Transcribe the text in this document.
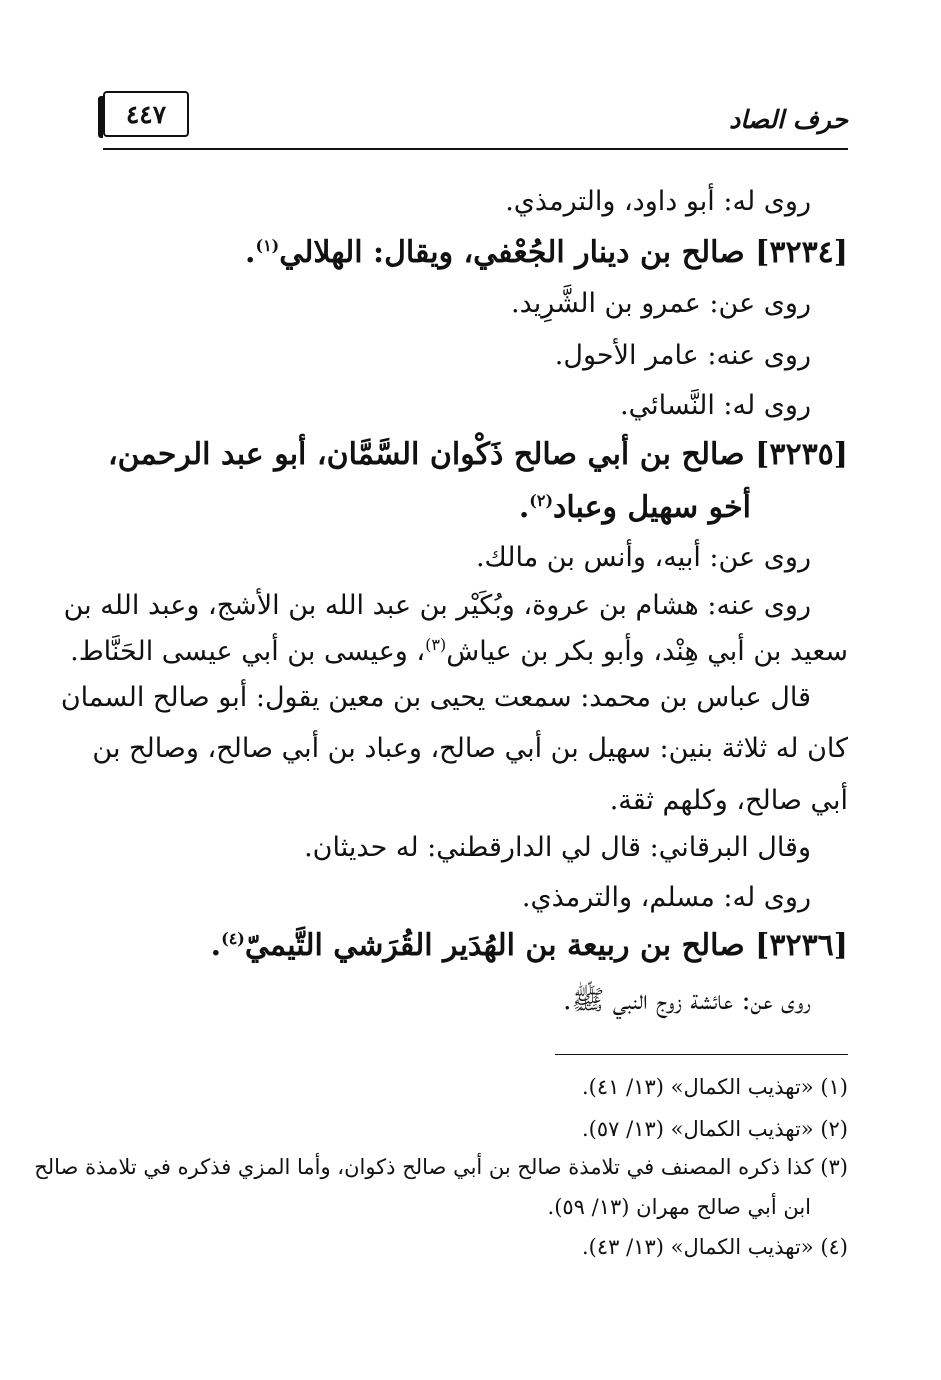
٤٤٧	حرف الصاد
روى له: أبو داود، والترمذي.
[٣٢٣٤] صالح بن دينار الجُعْفي، ويقال: الهلالي$^{(١)}$.
روى عن: عمرو بن الشَّرِيد.
روى عنه: عامر الأحول.
روى له: النَّسائي.
[٣٢٣٥] صالح بن أبي صالح ذَكْوان السَّمَّان، أبو عبد الرحمن،
أخو سهيل وعباد$^{(٢)}$.
روى عن: أبيه، وأنس بن مالك.
روى عنه: هشام بن عروة، وبُكَيْر بن عبد الله بن الأشج، وعبد الله بن
سعيد بن أبي هِنْد، وأبو بكر بن عياش$^{(٣)}$، وعيسى بن أبي عيسى الحَنَّاط.
قال عباس بن محمد: سمعت يحيى بن معين يقول: أبو صالح السمان
كان له ثلاثة بنين: سهيل بن أبي صالح، وعباد بن أبي صالح، وصالح بن
أبي صالح، وكلهم ثقة.
وقال البرقاني: قال لي الدارقطني: له حديثان.
روى له: مسلم، والترمذي.
[٣٢٣٦] صالح بن ربيعة بن الهُدَير القُرَشي التَّيميّ$^{(٤)}$.
روى عن: عائشة زوج النبي ﷺ.
(١) «تهذيب الكمال» (١٣/ ٤١).
(٢) «تهذيب الكمال» (١٣/ ٥٧).
(٣) كذا ذكره المصنف في تلامذة صالح بن أبي صالح ذكوان، وأما المزي فذكره في تلامذة صالح
ابن أبي صالح مهران (١٣/ ٥٩).
(٤) «تهذيب الكمال» (١٣/ ٤٣).
